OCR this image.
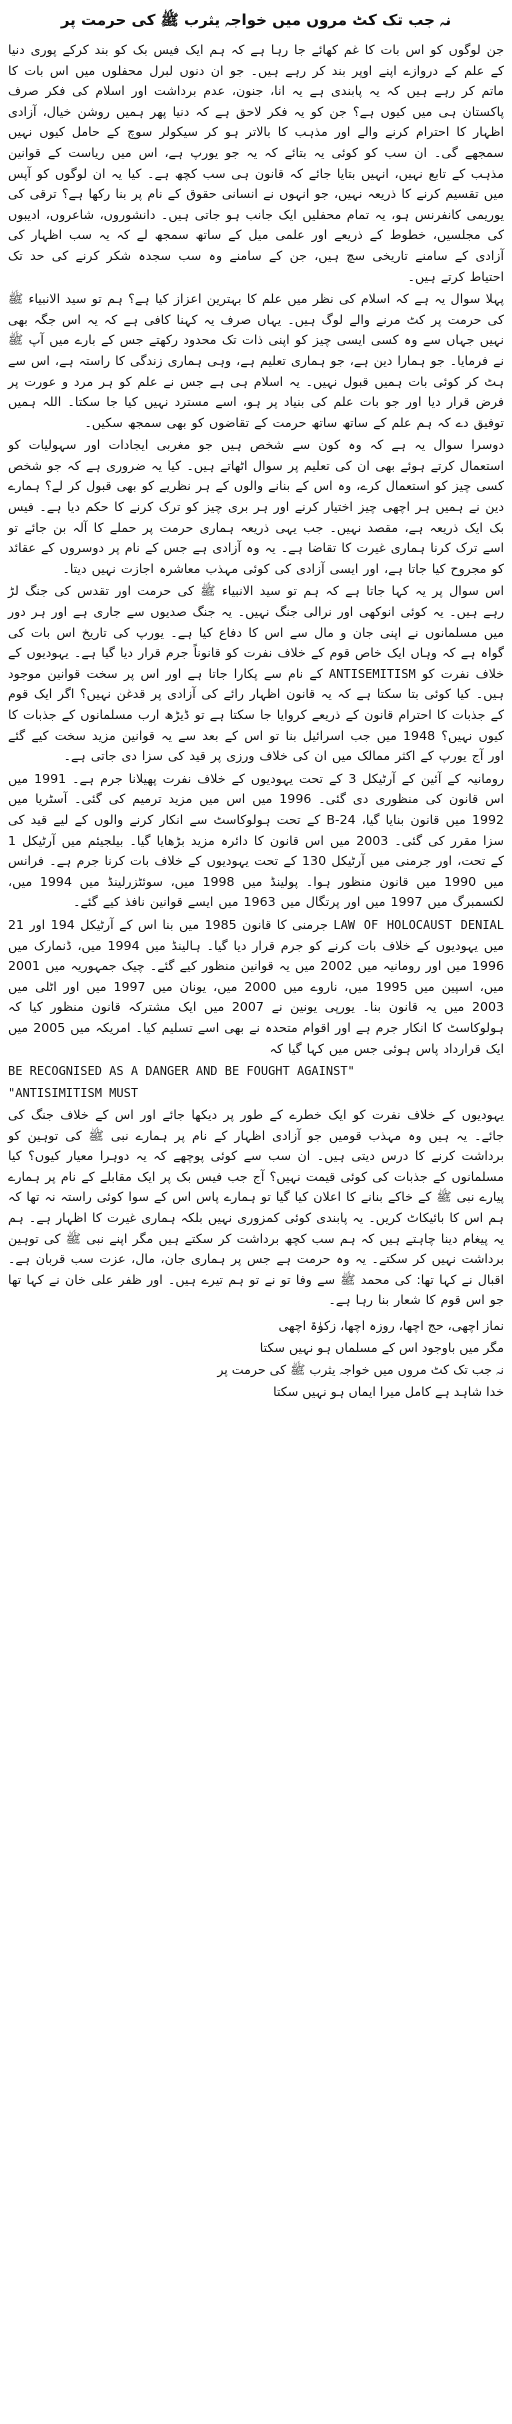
نہ جب تک کٹ مروں میں خواجہ یثرب ﷺ کی حرمت پر

جن لوگوں کو اس بات کا غم کھائے جا رہا ہے کہ ہم ایک فیس بک کو بند کرکے پوری دنیا کے علم کے دروازے اپنے اوپر بند کر رہے ہیں۔ جو ان دنوں لبرل محفلوں میں اس بات کا ماتم کر رہے ہیں کہ یہ پابندی ہے یہ انا، جنون، عدم برداشت اور اسلام کی فکر صرف پاکستان ہی میں کیوں ہے؟ جن کو یہ فکر لاحق ہے کہ دنیا پھر ہمیں روشن خیال، آزادی اظہار کا احترام کرنے والے اور مذہب کا بالاتر ہو کر سیکولر سوچ کے حامل کیوں نہیں سمجھے گی۔ ان سب کو کوئی یہ بتائے کہ یہ جو یورپ ہے، اس میں ریاست کے قوانین مذہب کے تابع نہیں، انہیں بتایا جائے کہ قانون ہی سب کچھ ہے۔ کیا یہ ان لوگوں کو آپس میں تقسیم کرنے کا ذریعہ نہیں، جو انہوں نے انسانی حقوق کے نام پر بنا رکھا ہے؟ ترقی کی یوریمی کانفرنس ہو، یہ تمام محفلیں ایک جانب ہو جاتی ہیں۔ دانشوروں، شاعروں، ادیبوں کی مجلسیں، خطوط کے ذریعے اور علمی میل کے ساتھ سمجھ لے کہ یہ سب اظہار کی آزادی کے سامنے تاریخی سچ ہیں، جن کے سامنے وہ سب سجدہ شکر کرنے کی حد تک احتیاط کرتے ہیں۔

پہلا سوال یہ ہے کہ اسلام کی نظر میں علم کا بہترین اعزاز کیا ہے؟ ہم تو سید الانبیاء ﷺ کی حرمت پر کٹ مرنے والے لوگ ہیں۔ یہاں صرف یہ کہنا کافی ہے کہ یہ اس جگہ بھی نہیں جہاں سے وہ کسی ایسی چیز کو اپنی ذات تک محدود رکھتے جس کے بارے میں آپ ﷺ نے فرمایا۔ جو ہمارا دین ہے، جو ہماری تعلیم ہے، وہی ہماری زندگی کا راستہ ہے، اس سے ہٹ کر کوئی بات ہمیں قبول نہیں۔ یہ اسلام ہی ہے جس نے علم کو ہر مرد و عورت پر فرض قرار دیا اور جو بات علم کی بنیاد پر ہو، اسے مسترد نہیں کیا جا سکتا۔ اللہ ہمیں توفیق دے کہ ہم علم کے ساتھ ساتھ حرمت کے تقاضوں کو بھی سمجھ سکیں۔

دوسرا سوال یہ ہے کہ وہ کون سے شخص ہیں جو مغربی ایجادات اور سہولیات کو استعمال کرتے ہوئے بھی ان کی تعلیم پر سوال اٹھاتے ہیں۔ کیا یہ ضروری ہے کہ جو شخص کسی چیز کو استعمال کرے، وہ اس کے بنانے والوں کے ہر نظریے کو بھی قبول کر لے؟ ہمارے دین نے ہمیں ہر اچھی چیز اختیار کرنے اور ہر بری چیز کو ترک کرنے کا حکم دیا ہے۔ فیس بک ایک ذریعہ ہے، مقصد نہیں۔ جب یہی ذریعہ ہماری حرمت پر حملے کا آلہ بن جائے تو اسے ترک کرنا ہماری غیرت کا تقاضا ہے۔ یہ وہ آزادی ہے جس کے نام پر دوسروں کے عقائد کو مجروح کیا جاتا ہے، اور ایسی آزادی کی کوئی مہذب معاشرہ اجازت نہیں دیتا۔

اس سوال پر یہ کہا جاتا ہے کہ ہم تو سید الانبیاء ﷺ کی حرمت اور تقدس کی جنگ لڑ رہے ہیں۔ یہ کوئی انوکھی اور نرالی جنگ نہیں۔ یہ جنگ صدیوں سے جاری ہے اور ہر دور میں مسلمانوں نے اپنی جان و مال سے اس کا دفاع کیا ہے۔ یورپ کی تاریخ اس بات کی گواہ ہے کہ وہاں ایک خاص قوم کے خلاف نفرت کو قانوناً جرم قرار دیا گیا ہے۔ یہودیوں کے خلاف نفرت کو ANTISEMITISM کے نام سے پکارا جاتا ہے اور اس پر سخت قوانین موجود ہیں۔ کیا کوئی بتا سکتا ہے کہ یہ قانون اظہار رائے کی آزادی پر قدغن نہیں؟ اگر ایک قوم کے جذبات کا احترام قانون کے ذریعے کروایا جا سکتا ہے تو ڈیڑھ ارب مسلمانوں کے جذبات کا کیوں نہیں؟ 1948 میں جب اسرائیل بنا تو اس کے بعد سے یہ قوانین مزید سخت کیے گئے اور آج یورپ کے اکثر ممالک میں ان کی خلاف ورزی پر قید کی سزا دی جاتی ہے۔

رومانیہ کے آئین کے آرٹیکل 3 کے تحت یہودیوں کے خلاف نفرت پھیلانا جرم ہے۔ 1991 میں اس قانون کی منظوری دی گئی۔ 1996 میں اس میں مزید ترمیم کی گئی۔ آسٹریا میں 1992 میں قانون بنایا گیا، 24-B کے تحت ہولوکاسٹ سے انکار کرنے والوں کے لیے قید کی سزا مقرر کی گئی۔ 2003 میں اس قانون کا دائرہ مزید بڑھایا گیا۔ بیلجیئم میں آرٹیکل 1 کے تحت، اور جرمنی میں آرٹیکل 130 کے تحت یہودیوں کے خلاف بات کرنا جرم ہے۔ فرانس میں 1990 میں قانون منظور ہوا۔ پولینڈ میں 1998 میں، سوئٹزرلینڈ میں 1994 میں، لکسمبرگ میں 1997 میں اور پرتگال میں 1963 میں ایسے قوانین نافذ کیے گئے۔

LAW OF HOLOCAUST DENIAL جرمنی کا قانون 1985 میں بنا اس کے آرٹیکل 194 اور 21 میں یہودیوں کے خلاف بات کرنے کو جرم قرار دیا گیا۔ ہالینڈ میں 1994 میں، ڈنمارک میں 1996 میں اور رومانیہ میں 2002 میں یہ قوانین منظور کیے گئے۔ چیک جمہوریہ میں 2001 میں، اسپین میں 1995 میں، ناروے میں 2000 میں، یونان میں 1997 میں اور اٹلی میں 2003 میں یہ قانون بنا۔ یورپی یونین نے 2007 میں ایک مشترکہ قانون منظور کیا کہ ہولوکاسٹ کا انکار جرم ہے اور اقوام متحدہ نے بھی اسے تسلیم کیا۔ امریکہ میں 2005 میں ایک قرارداد پاس ہوئی جس میں کہا گیا کہ

BE RECOGNISED AS A DANGER AND BE FOUGHT AGAINST"
"ANTISIMITISM MUST

یہودیوں کے خلاف نفرت کو ایک خطرے کے طور پر دیکھا جائے اور اس کے خلاف جنگ کی جائے۔ یہ ہیں وہ مہذب قومیں جو آزادی اظہار کے نام پر ہمارے نبی ﷺ کی توہین کو برداشت کرنے کا درس دیتی ہیں۔ ان سب سے کوئی پوچھے کہ یہ دوہرا معیار کیوں؟ کیا مسلمانوں کے جذبات کی کوئی قیمت نہیں؟ آج جب فیس بک پر ایک مقابلے کے نام پر ہمارے پیارے نبی ﷺ کے خاکے بنانے کا اعلان کیا گیا تو ہمارے پاس اس کے سوا کوئی راستہ نہ تھا کہ ہم اس کا بائیکاٹ کریں۔ یہ پابندی کوئی کمزوری نہیں بلکہ ہماری غیرت کا اظہار ہے۔ ہم یہ پیغام دینا چاہتے ہیں کہ ہم سب کچھ برداشت کر سکتے ہیں مگر اپنے نبی ﷺ کی توہین برداشت نہیں کر سکتے۔ یہ وہ حرمت ہے جس پر ہماری جان، مال، عزت سب قربان ہے۔ اقبال نے کہا تھا: کی محمد ﷺ سے وفا تو نے تو ہم تیرے ہیں۔ اور ظفر علی خان نے کہا تھا جو اس قوم کا شعار بنا رہا ہے۔

نماز اچھی، حج اچھا، روزہ اچھا، زکوٰۃ اچھی

مگر میں باوجود اس کے مسلماں ہو نہیں سکتا

نہ جب تک کٹ مروں میں خواجہ یثرب ﷺ کی حرمت پر

خدا شاہد ہے کامل میرا ایماں ہو نہیں سکتا
